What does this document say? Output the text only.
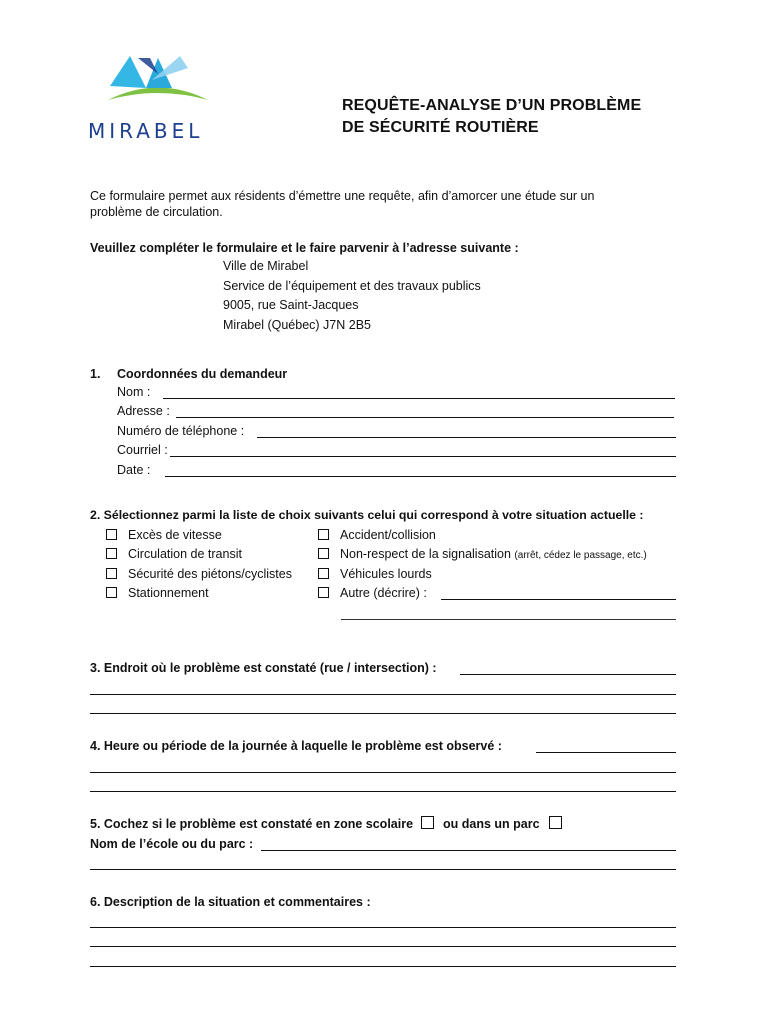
MIRABEL
REQUÊTE-ANALYSE D’UN PROBLÈME
DE SÉCURITÉ ROUTIÈRE
Ce formulaire permet aux résidents d’émettre une requête, afin d’amorcer une étude sur un
problème de circulation.
Veuillez compléter le formulaire et le faire parvenir à l’adresse suivante :
Ville de Mirabel
Service de l’équipement et des travaux publics
9005, rue Saint-Jacques
Mirabel (Québec) J7N 2B5
1. Coordonnées du demandeur
Nom :
Adresse :
Numéro de téléphone :
Courriel :
Date :
2. Sélectionnez parmi la liste de choix suivants celui qui correspond à votre situation actuelle :
Excès de vitesse
Circulation de transit
Sécurité des piétons/cyclistes
Stationnement
Accident/collision
Non-respect de la signalisation (arrêt, cédez le passage, etc.)
Véhicules lourds
Autre (décrire) :
3. Endroit où le problème est constaté (rue / intersection) :
4. Heure ou période de la journée à laquelle le problème est observé :
5. Cochez si le problème est constaté en zone scolaire ou dans un parc
Nom de l’école ou du parc :
6. Description de la situation et commentaires :
